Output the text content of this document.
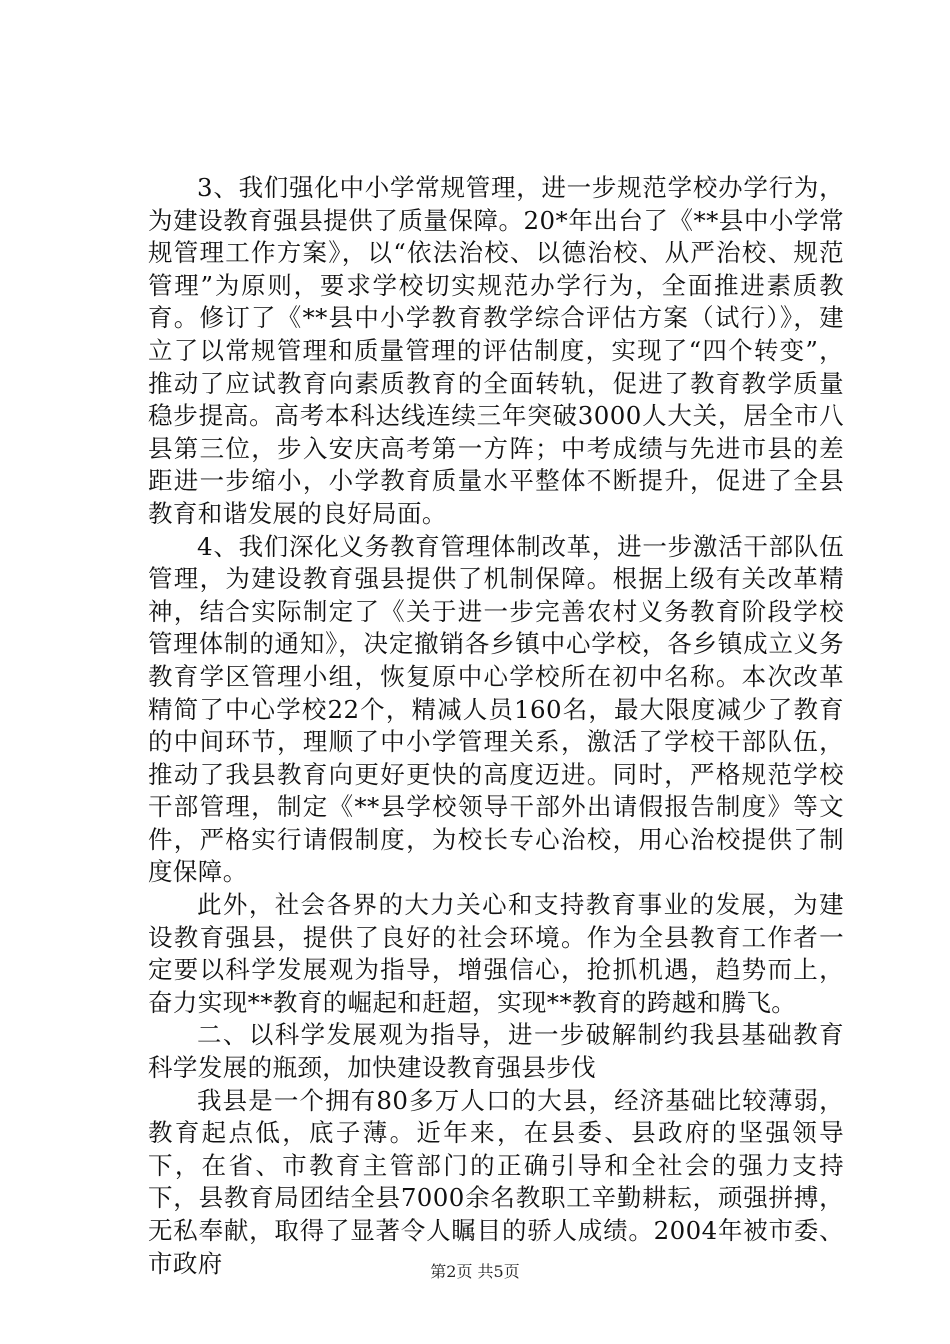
3、我们强化中小学常规管理，进一步规范学校办学行为，为建设教育强县提供了质量保障。20*年出台了《**县中小学常规管理工作方案》，以“依法治校、以德治校、从严治校、规范管理”为原则，要求学校切实规范办学行为，全面推进素质教育。修订了《**县中小学教育教学综合评估方案（试行）》，建立了以常规管理和质量管理的评估制度，实现了“四个转变”，推动了应试教育向素质教育的全面转轨，促进了教育教学质量稳步提高。高考本科达线连续三年突破3000人大关，居全市八县第三位，步入安庆高考第一方阵；中考成绩与先进市县的差距进一步缩小，小学教育质量水平整体不断提升，促进了全县教育和谐发展的良好局面。

4、我们深化义务教育管理体制改革，进一步激活干部队伍管理，为建设教育强县提供了机制保障。根据上级有关改革精神，结合实际制定了《关于进一步完善农村义务教育阶段学校管理体制的通知》，决定撤销各乡镇中心学校，各乡镇成立义务教育学区管理小组，恢复原中心学校所在初中名称。本次改革精简了中心学校22个，精减人员160名，最大限度减少了教育的中间环节，理顺了中小学管理关系，激活了学校干部队伍，推动了我县教育向更好更快的高度迈进。同时，严格规范学校干部管理，制定《**县学校领导干部外出请假报告制度》等文件，严格实行请假制度，为校长专心治校，用心治校提供了制度保障。

此外，社会各界的大力关心和支持教育事业的发展，为建设教育强县，提供了良好的社会环境。作为全县教育工作者一定要以科学发展观为指导，增强信心，抢抓机遇，趋势而上，奋力实现**教育的崛起和赶超，实现**教育的跨越和腾飞。

二、以科学发展观为指导，进一步破解制约我县基础教育科学发展的瓶颈，加快建设教育强县步伐

我县是一个拥有80多万人口的大县，经济基础比较薄弱，教育起点低，底子薄。近年来，在县委、县政府的坚强领导下，在省、市教育主管部门的正确引导和全社会的强力支持下，县教育局团结全县7000余名教职工辛勤耕耘，顽强拼搏，无私奉献，取得了显著令人瞩目的骄人成绩。2004年被市委、市政府	第2页 共5页
